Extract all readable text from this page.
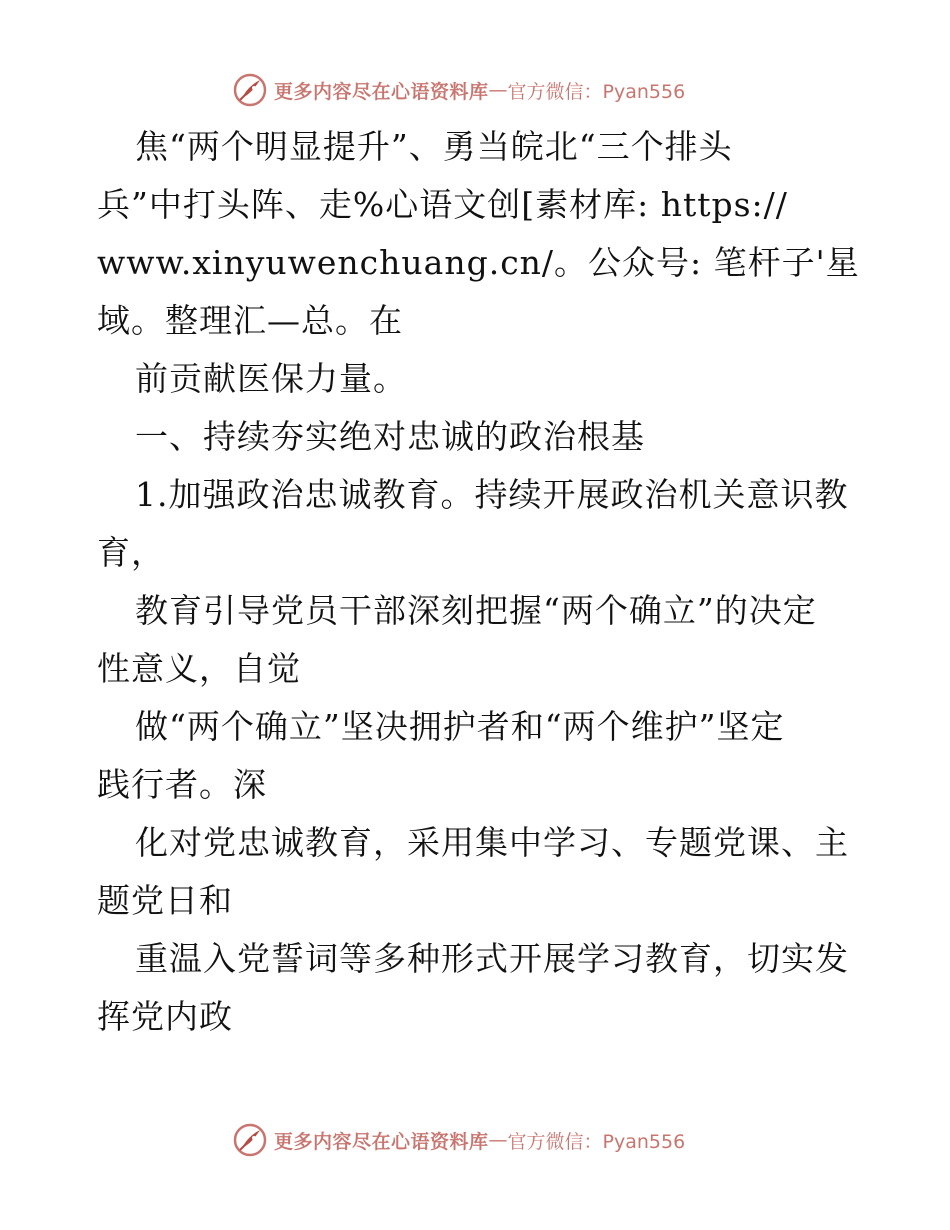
更多内容尽在心语资料库 — 官方微信：Pyan556
焦“两个明显提升”、勇当皖北“三个排头
兵”中打头阵、走%心语文创[素材库: https://
www.xinyuwenchuang.cn/。公众号: 笔杆子'星
域。整理汇—总。在
前贡献医保力量。
一、持续夯实绝对忠诚的政治根基
1.加强政治忠诚教育。持续开展政治机关意识教
育，
教育引导党员干部深刻把握“两个确立”的决定
性意义，自觉
做“两个确立”坚决拥护者和“两个维护”坚定
践行者。深
化对党忠诚教育，采用集中学习、专题党课、主
题党日和
重温入党誓词等多种形式开展学习教育，切实发
挥党内政
更多内容尽在心语资料库 — 官方微信：Pyan556
